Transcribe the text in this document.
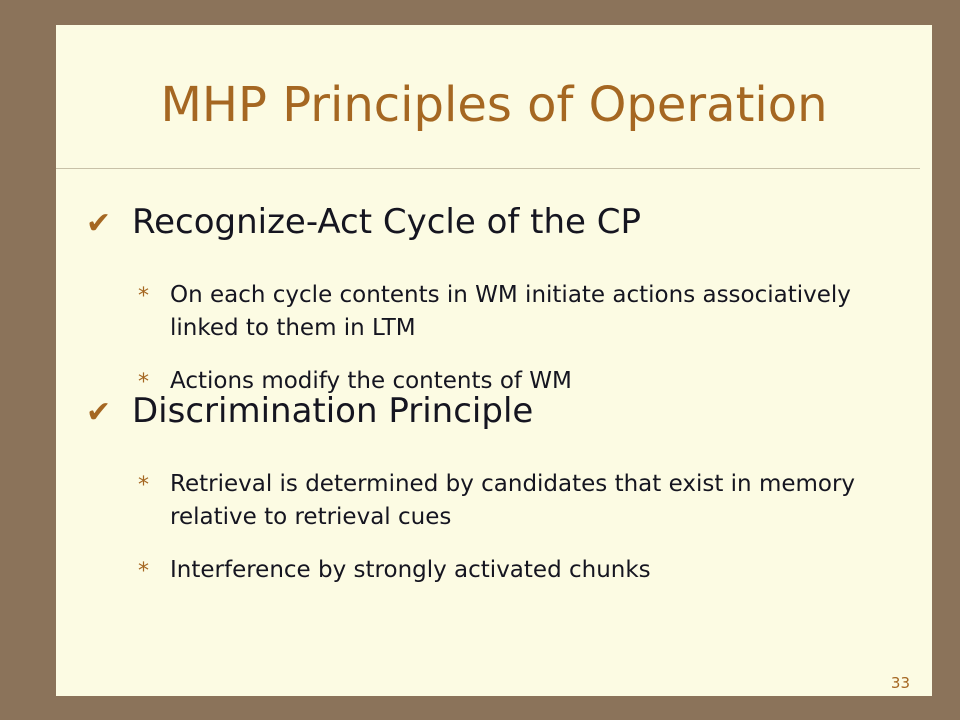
MHP Principles of Operation
✔ Recognize-Act Cycle of the CP
* On each cycle contents in WM initiate actions associatively linked to them in LTM
* Actions modify the contents of WM
✔ Discrimination Principle
* Retrieval is determined by candidates that exist in memory relative to retrieval cues
* Interference by strongly activated chunks
33
